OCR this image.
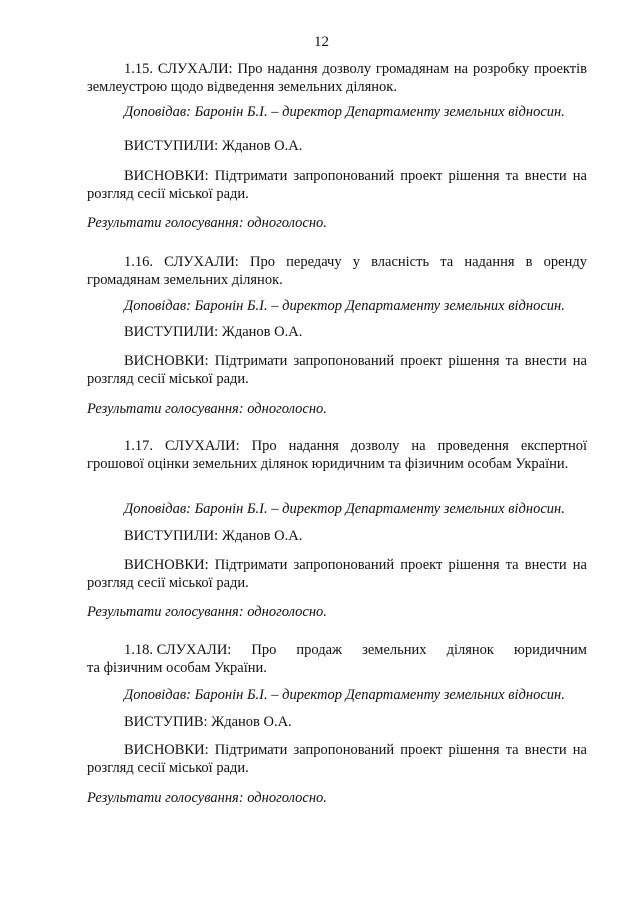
12

1.15. СЛУХАЛИ: Про надання дозволу громадянам на розробку проектів землеустрою щодо відведення земельних ділянок.

Доповідав: Баронін Б.І. – директор Департаменту земельних відносин.

ВИСТУПИЛИ: Жданов О.А.

ВИСНОВКИ: Підтримати запропонований проект рішення та внести на розгляд сесії міської ради.

Результати голосування: одноголосно.

1.16. СЛУХАЛИ: Про передачу у власність та надання в оренду громадянам земельних ділянок.

Доповідав: Баронін Б.І. – директор Департаменту земельних відносин.

ВИСТУПИЛИ: Жданов О.А.

ВИСНОВКИ: Підтримати запропонований проект рішення та внести на розгляд сесії міської ради.

Результати голосування: одноголосно.

1.17. СЛУХАЛИ: Про надання дозволу на проведення експертної грошової оцінки земельних ділянок юридичним та фізичним особам України.

Доповідав: Баронін Б.І. – директор Департаменту земельних відносин.

ВИСТУПИЛИ: Жданов О.А.

ВИСНОВКИ: Підтримати запропонований проект рішення та внести на розгляд сесії міської ради.

Результати голосування: одноголосно.

1.18. СЛУХАЛИ: Про продаж земельних ділянок юридичним
та фізичним особам України.

Доповідав: Баронін Б.І. – директор Департаменту земельних відносин.

ВИСТУПИВ: Жданов О.А.

ВИСНОВКИ: Підтримати запропонований проект рішення та внести на розгляд сесії міської ради.

Результати голосування: одноголосно.
